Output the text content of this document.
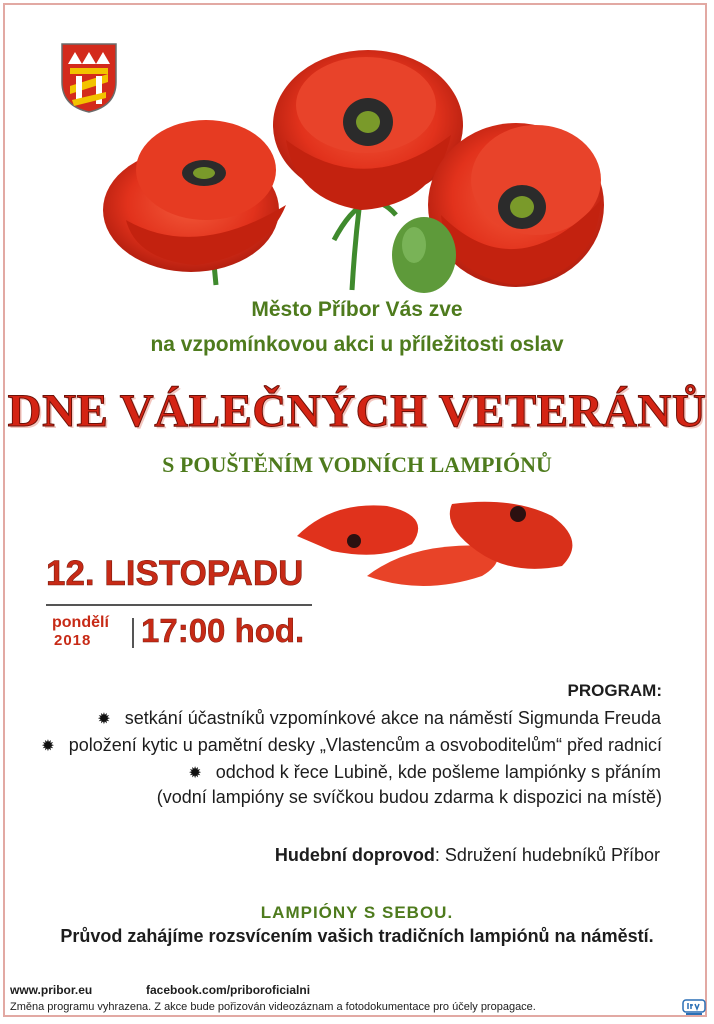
Město Příbor Vás zve
na vzpomínkovou akci u příležitosti oslav
DNE VÁLEČNÝCH VETERÁNŮ
S POUŠTĚNÍM VODNÍCH LAMPIÓNŮ
12. LISTOPADU
pondělí
2018 17:00 hod.
PROGRAM:
✹ setkání účastníků vzpomínkové akce na náměstí Sigmunda Freuda
✹ položení kytic u pamětní desky „Vlastencům a osvoboditelům“ před radnicí
✹ odchod k řece Lubině, kde pošleme lampiónky s přáním
(vodní lampióny se svíčkou budou zdarma k dispozici na místě)
Hudební doprovod: Sdružení hudebníků Příbor
LAMPIÓNY S SEBOU.
Průvod zahájíme rozsvícením vašich tradičních lampiónů na náměstí.
www.pribor.eu	facebook.com/priboroficialni
Změna programu vyhrazena. Z akce bude pořizován videozáznam a fotodokumentace pro účely propagace.
